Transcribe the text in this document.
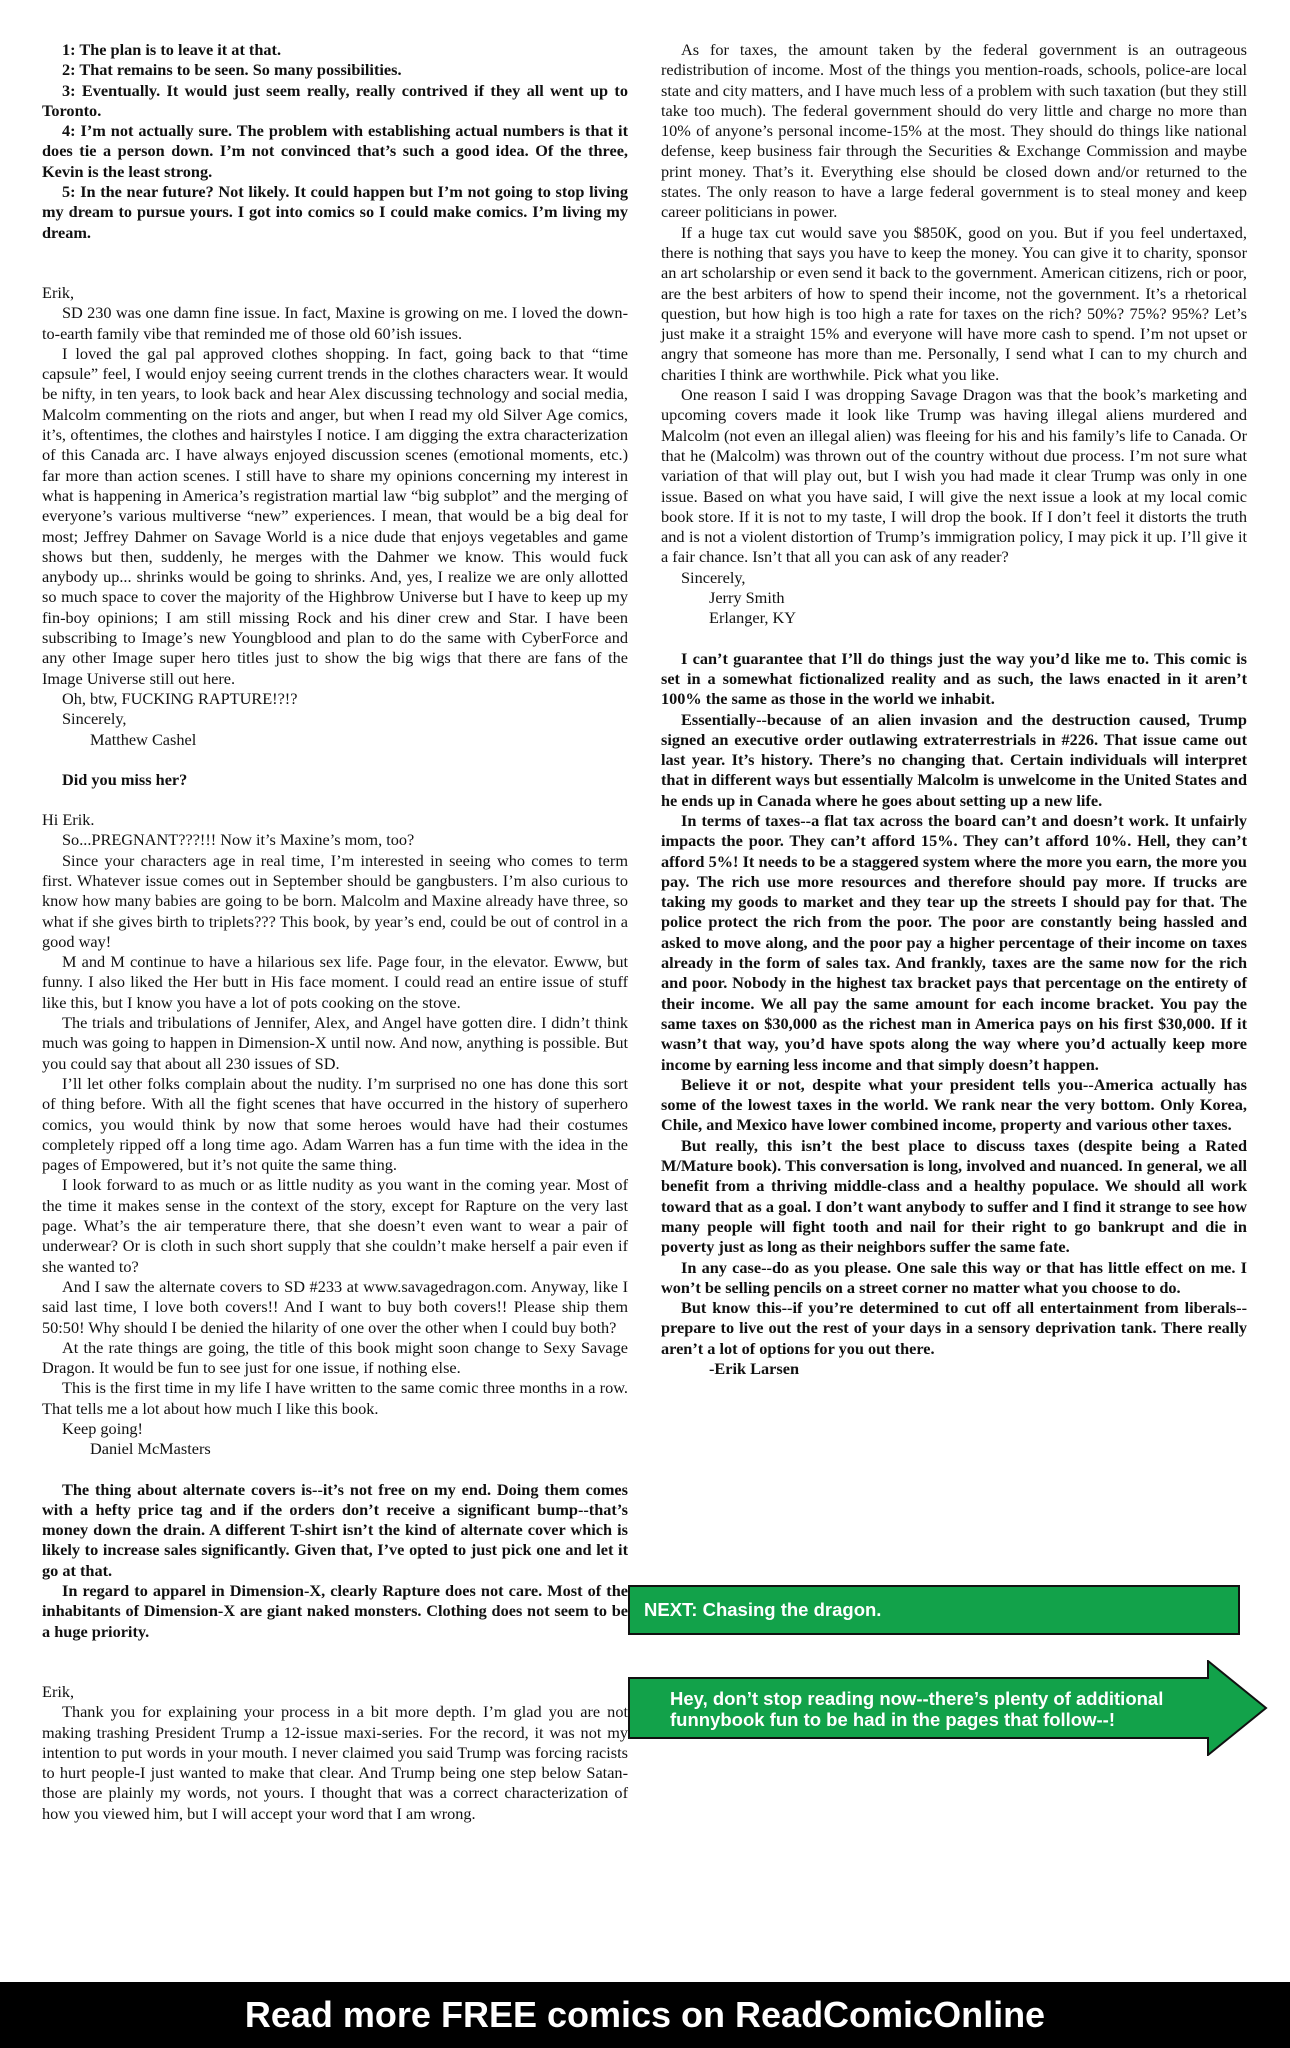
1: The plan is to leave it at that.

2: That remains to be seen. So many possibilities.

3: Eventually. It would just seem really, really contrived if they all went up to Toronto.

4: I’m not actually sure. The problem with establishing actual numbers is that it does tie a person down. I’m not convinced that’s such a good idea. Of the three, Kevin is the least strong.

5: In the near future? Not likely. It could happen but I’m not going to stop living my dream to pursue yours. I got into comics so I could make comics. I’m living my dream.

Erik,

SD 230 was one damn fine issue. In fact, Maxine is growing on me. I loved the down-to-earth family vibe that reminded me of those old 60’ish issues.

I loved the gal pal approved clothes shopping. In fact, going back to that “time capsule” feel, I would enjoy seeing current trends in the clothes characters wear. It would be nifty, in ten years, to look back and hear Alex discussing technology and social media, Malcolm commenting on the riots and anger, but when I read my old Silver Age comics, it’s, oftentimes, the clothes and hairstyles I notice. I am digging the extra characterization of this Canada arc. I have always enjoyed discussion scenes (emotional moments, etc.) far more than action scenes. I still have to share my opinions concerning my interest in what is happening in America’s registration martial law “big subplot” and the merging of everyone’s various multiverse “new” experiences. I mean, that would be a big deal for most; Jeffrey Dahmer on Savage World is a nice dude that enjoys vegetables and game shows but then, suddenly, he merges with the Dahmer we know. This would fuck anybody up... shrinks would be going to shrinks. And, yes, I realize we are only allotted so much space to cover the majority of the Highbrow Universe but I have to keep up my fin-boy opinions; I am still missing Rock and his diner crew and Star. I have been subscribing to Image’s new Youngblood and plan to do the same with CyberForce and any other Image super hero titles just to show the big wigs that there are fans of the Image Universe still out here.

Oh, btw, FUCKING RAPTURE!?!?

Sincerely,

Matthew Cashel

Did you miss her?

Hi Erik.

So...PREGNANT???!!! Now it’s Maxine’s mom, too?

Since your characters age in real time, I’m interested in seeing who comes to term first. Whatever issue comes out in September should be gangbusters. I’m also curious to know how many babies are going to be born. Malcolm and Maxine already have three, so what if she gives birth to triplets??? This book, by year’s end, could be out of control in a good way!

M and M continue to have a hilarious sex life. Page four, in the elevator. Ewww, but funny. I also liked the Her butt in His face moment. I could read an entire issue of stuff like this, but I know you have a lot of pots cooking on the stove.

The trials and tribulations of Jennifer, Alex, and Angel have gotten dire. I didn’t think much was going to happen in Dimension-X until now. And now, anything is possible. But you could say that about all 230 issues of SD.

I’ll let other folks complain about the nudity. I’m surprised no one has done this sort of thing before. With all the fight scenes that have occurred in the history of superhero comics, you would think by now that some heroes would have had their costumes completely ripped off a long time ago. Adam Warren has a fun time with the idea in the pages of Empowered, but it’s not quite the same thing.

I look forward to as much or as little nudity as you want in the coming year. Most of the time it makes sense in the context of the story, except for Rapture on the very last page. What’s the air temperature there, that she doesn’t even want to wear a pair of underwear? Or is cloth in such short supply that she couldn’t make herself a pair even if she wanted to?

And I saw the alternate covers to SD #233 at www.savagedragon.com. Anyway, like I said last time, I love both covers!! And I want to buy both covers!! Please ship them 50:50! Why should I be denied the hilarity of one over the other when I could buy both?

At the rate things are going, the title of this book might soon change to Sexy Savage Dragon. It would be fun to see just for one issue, if nothing else.

This is the first time in my life I have written to the same comic three months in a row. That tells me a lot about how much I like this book.

Keep going!

Daniel McMasters

The thing about alternate covers is--it’s not free on my end. Doing them comes with a hefty price tag and if the orders don’t receive a significant bump--that’s money down the drain. A different T-shirt isn’t the kind of alternate cover which is likely to increase sales significantly. Given that, I’ve opted to just pick one and let it go at that.

In regard to apparel in Dimension-X, clearly Rapture does not care. Most of the inhabitants of Dimension-X are giant naked monsters. Clothing does not seem to be a huge priority.

Erik,

Thank you for explaining your process in a bit more depth. I’m glad you are not making trashing President Trump a 12-issue maxi-series. For the record, it was not my intention to put words in your mouth. I never claimed you said Trump was forcing racists to hurt people-I just wanted to make that clear. And Trump being one step below Satan-those are plainly my words, not yours. I thought that was a correct characterization of how you viewed him, but I will accept your word that I am wrong.

As for taxes, the amount taken by the federal government is an outrageous redistribution of income. Most of the things you mention-roads, schools, police-are local state and city matters, and I have much less of a problem with such taxation (but they still take too much). The federal government should do very little and charge no more than 10% of anyone’s personal income-15% at the most. They should do things like national defense, keep business fair through the Securities & Exchange Commission and maybe print money. That’s it. Everything else should be closed down and/or returned to the states. The only reason to have a large federal government is to steal money and keep career politicians in power.

If a huge tax cut would save you $850K, good on you. But if you feel undertaxed, there is nothing that says you have to keep the money. You can give it to charity, sponsor an art scholarship or even send it back to the government. American citizens, rich or poor, are the best arbiters of how to spend their income, not the government. It’s a rhetorical question, but how high is too high a rate for taxes on the rich? 50%? 75%? 95%? Let’s just make it a straight 15% and everyone will have more cash to spend. I’m not upset or angry that someone has more than me. Personally, I send what I can to my church and charities I think are worthwhile. Pick what you like.

One reason I said I was dropping Savage Dragon was that the book’s marketing and upcoming covers made it look like Trump was having illegal aliens murdered and Malcolm (not even an illegal alien) was fleeing for his and his family’s life to Canada. Or that he (Malcolm) was thrown out of the country without due process. I’m not sure what variation of that will play out, but I wish you had made it clear Trump was only in one issue. Based on what you have said, I will give the next issue a look at my local comic book store. If it is not to my taste, I will drop the book. If I don’t feel it distorts the truth and is not a violent distortion of Trump’s immigration policy, I may pick it up. I’ll give it a fair chance. Isn’t that all you can ask of any reader?

Sincerely,

Jerry Smith

Erlanger, KY

I can’t guarantee that I’ll do things just the way you’d like me to. This comic is set in a somewhat fictionalized reality and as such, the laws enacted in it aren’t 100% the same as those in the world we inhabit.

Essentially--because of an alien invasion and the destruction caused, Trump signed an executive order outlawing extraterrestrials in #226. That issue came out last year. It’s history. There’s no changing that. Certain individuals will interpret that in different ways but essentially Malcolm is unwelcome in the United States and he ends up in Canada where he goes about setting up a new life.

In terms of taxes--a flat tax across the board can’t and doesn’t work. It unfairly impacts the poor. They can’t afford 15%. They can’t afford 10%. Hell, they can’t afford 5%! It needs to be a staggered system where the more you earn, the more you pay. The rich use more resources and therefore should pay more. If trucks are taking my goods to market and they tear up the streets I should pay for that. The police protect the rich from the poor. The poor are constantly being hassled and asked to move along, and the poor pay a higher percentage of their income on taxes already in the form of sales tax. And frankly, taxes are the same now for the rich and poor. Nobody in the highest tax bracket pays that percentage on the entirety of their income. We all pay the same amount for each income bracket. You pay the same taxes on $30,000 as the richest man in America pays on his first $30,000. If it wasn’t that way, you’d have spots along the way where you’d actually keep more income by earning less income and that simply doesn’t happen.

Believe it or not, despite what your president tells you--America actually has some of the lowest taxes in the world. We rank near the very bottom. Only Korea, Chile, and Mexico have lower combined income, property and various other taxes.

But really, this isn’t the best place to discuss taxes (despite being a Rated M/Mature book). This conversation is long, involved and nuanced. In general, we all benefit from a thriving middle-class and a healthy populace. We should all work toward that as a goal. I don’t want anybody to suffer and I find it strange to see how many people will fight tooth and nail for their right to go bankrupt and die in poverty just as long as their neighbors suffer the same fate.

In any case--do as you please. One sale this way or that has little effect on me. I won’t be selling pencils on a street corner no matter what you choose to do.

But know this--if you’re determined to cut off all entertainment from liberals--prepare to live out the rest of your days in a sensory deprivation tank. There really aren’t a lot of options for you out there.

-Erik Larsen

NEXT: Chasing the dragon.
Hey, don’t stop reading now--there’s plenty of additional funnybook fun to be had in the pages that follow--!
Read more FREE comics on ReadComicOnline
